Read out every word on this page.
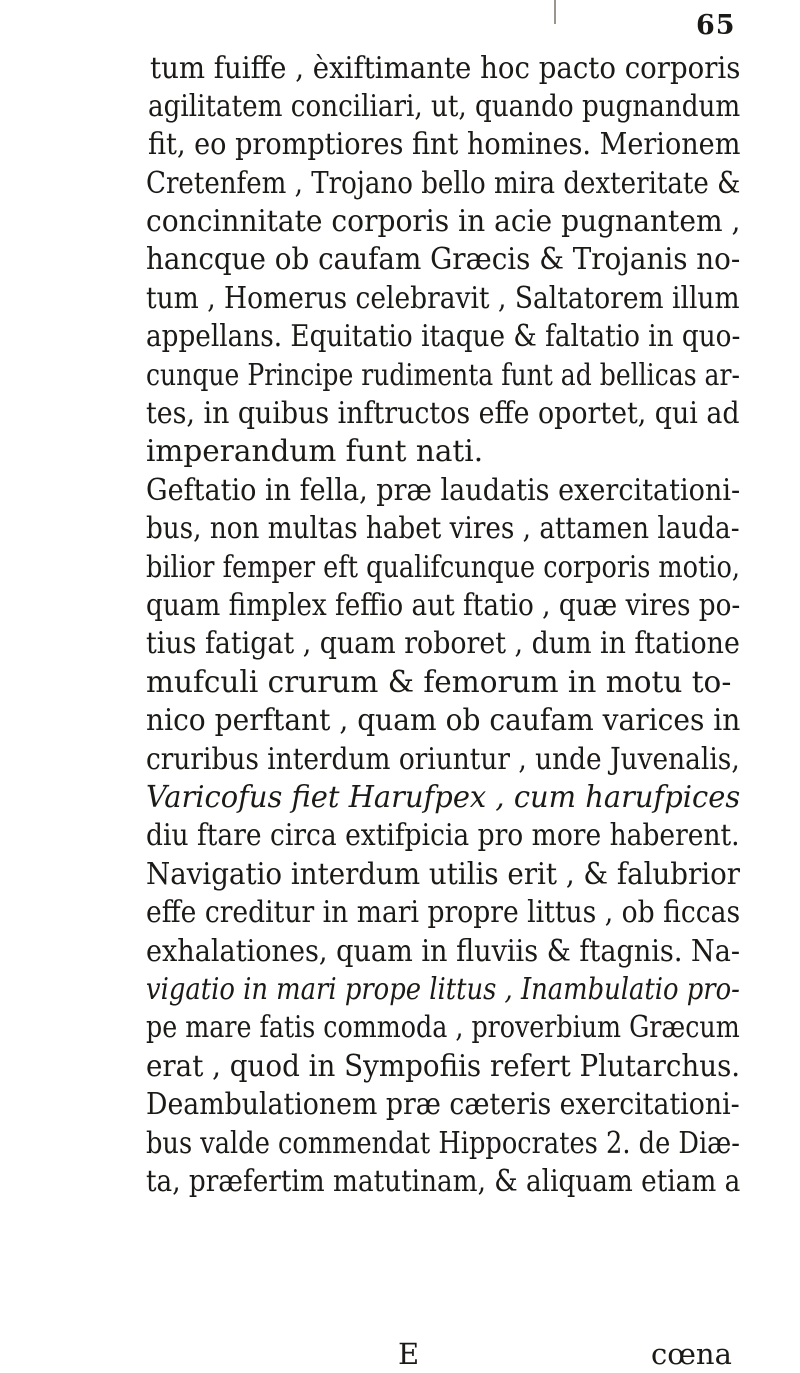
65
tum fuiffe , èxiftimante hoc pacto corporis
agilitatem conciliari, ut, quando pugnandum
fit, eo promptiores fint homines. Merionem
Cretenfem , Trojano bello mira dexteritate &
concinnitate corporis in acie pugnantem ,
hancque ob caufam Græcis & Trojanis no-
tum , Homerus celebravit , Saltatorem illum
appellans. Equitatio itaque & faltatio in quo-
cunque Principe rudimenta funt ad bellicas ar-
tes, in quibus inftructos effe oportet, qui ad
imperandum funt nati.
Geftatio in fella, præ laudatis exercitationi-
bus, non multas habet vires , attamen lauda-
bilior femper eft qualifcunque corporis motio,
quam fimplex feffio aut ftatio , quæ vires po-
tius fatigat , quam roboret , dum in ftatione
mufculi crurum & femorum in motu to-
nico perftant , quam ob caufam varices in
cruribus interdum oriuntur , unde Juvenalis,
Varicofus fiet Harufpex , cum harufpices
diu ftare circa extifpicia pro more haberent.
Navigatio interdum utilis erit , & falubrior
effe creditur in mari propre littus , ob ficcas
exhalationes, quam in fluviis & ftagnis. Na-
vigatio in mari prope littus , Inambulatio pro-
pe mare fatis commoda , proverbium Græcum
erat , quod in Sympofiis refert Plutarchus.
Deambulationem præ cæteris exercitationi-
bus valde commendat Hippocrates 2. de Diæ-
ta, præfertim matutinam, & aliquam etiam a
E	cœna
